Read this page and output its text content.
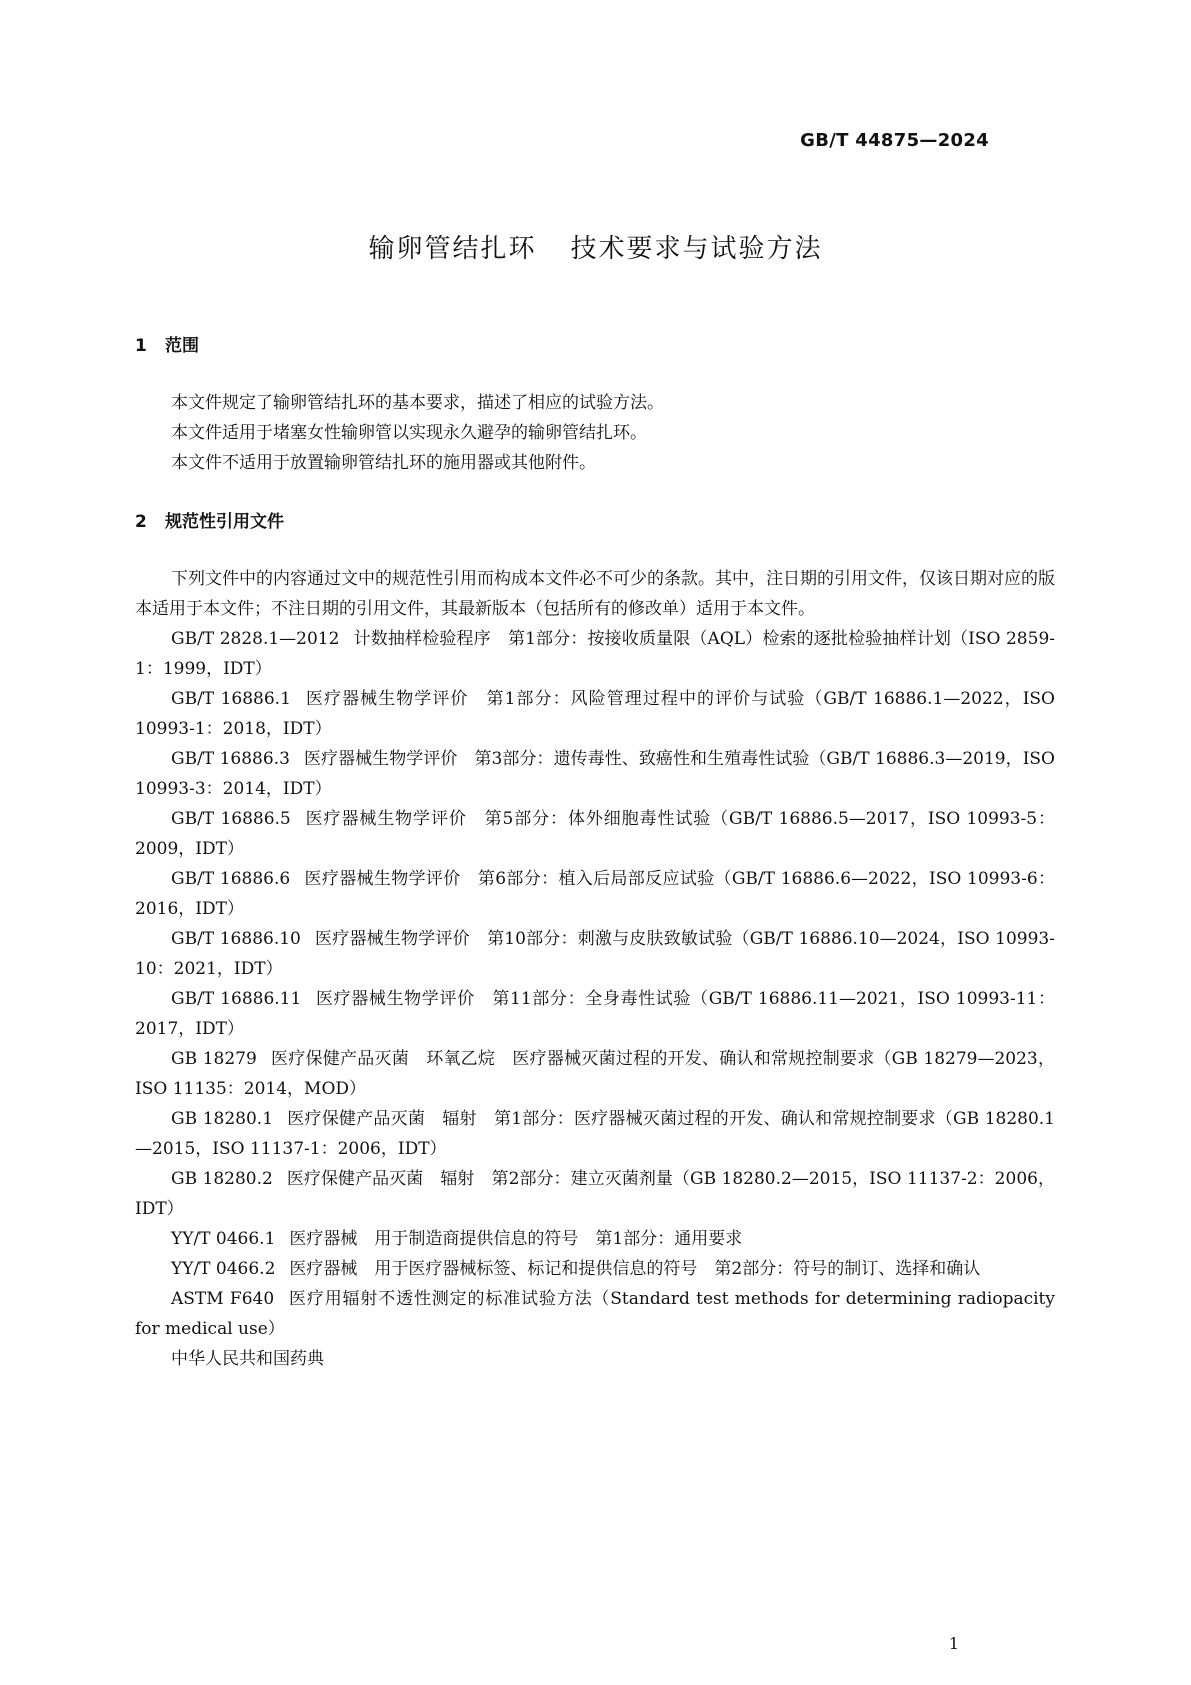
GB/T 44875—2024
输卵管结扎环 技术要求与试验方法
1 范围

本文件规定了输卵管结扎环的基本要求，描述了相应的试验方法。

本文件适用于堵塞女性输卵管以实现永久避孕的输卵管结扎环。

本文件不适用于放置输卵管结扎环的施用器或其他附件。

2 规范性引用文件

下列文件中的内容通过文中的规范性引用而构成本文件必不可少的条款。其中，注日期的引用文件，仅该日期对应的版本适用于本文件；不注日期的引用文件，其最新版本（包括所有的修改单）适用于本文件。

GB/T 2828.1—2012 计数抽样检验程序　第1部分：按接收质量限（AQL）检索的逐批检验抽样计划（ISO 2859-1：1999，IDT）

GB/T 16886.1 医疗器械生物学评价　第1部分：风险管理过程中的评价与试验（GB/T 16886.1—2022，ISO 10993-1：2018，IDT）

GB/T 16886.3 医疗器械生物学评价　第3部分：遗传毒性、致癌性和生殖毒性试验（GB/T 16886.3—2019，ISO 10993-3：2014，IDT）

GB/T 16886.5 医疗器械生物学评价　第5部分：体外细胞毒性试验（GB/T 16886.5—2017，ISO 10993-5：2009，IDT）

GB/T 16886.6 医疗器械生物学评价　第6部分：植入后局部反应试验（GB/T 16886.6—2022，ISO 10993-6：2016，IDT）

GB/T 16886.10 医疗器械生物学评价　第10部分：刺激与皮肤致敏试验（GB/T 16886.10—2024，ISO 10993-10：2021，IDT）

GB/T 16886.11 医疗器械生物学评价　第11部分：全身毒性试验（GB/T 16886.11—2021，ISO 10993-11：2017，IDT）

GB 18279 医疗保健产品灭菌　环氧乙烷　医疗器械灭菌过程的开发、确认和常规控制要求（GB 18279—2023，ISO 11135：2014，MOD）

GB 18280.1 医疗保健产品灭菌　辐射　第1部分：医疗器械灭菌过程的开发、确认和常规控制要求（GB 18280.1—2015，ISO 11137-1：2006，IDT）

GB 18280.2 医疗保健产品灭菌　辐射　第2部分：建立灭菌剂量（GB 18280.2—2015，ISO 11137-2：2006，IDT）

YY/T 0466.1 医疗器械　用于制造商提供信息的符号　第1部分：通用要求

YY/T 0466.2 医疗器械　用于医疗器械标签、标记和提供信息的符号　第2部分：符号的制订、选择和确认

ASTM F640 医疗用辐射不透性测定的标准试验方法（Standard test methods for determining radiopacity for medical use）

中华人民共和国药典

1
